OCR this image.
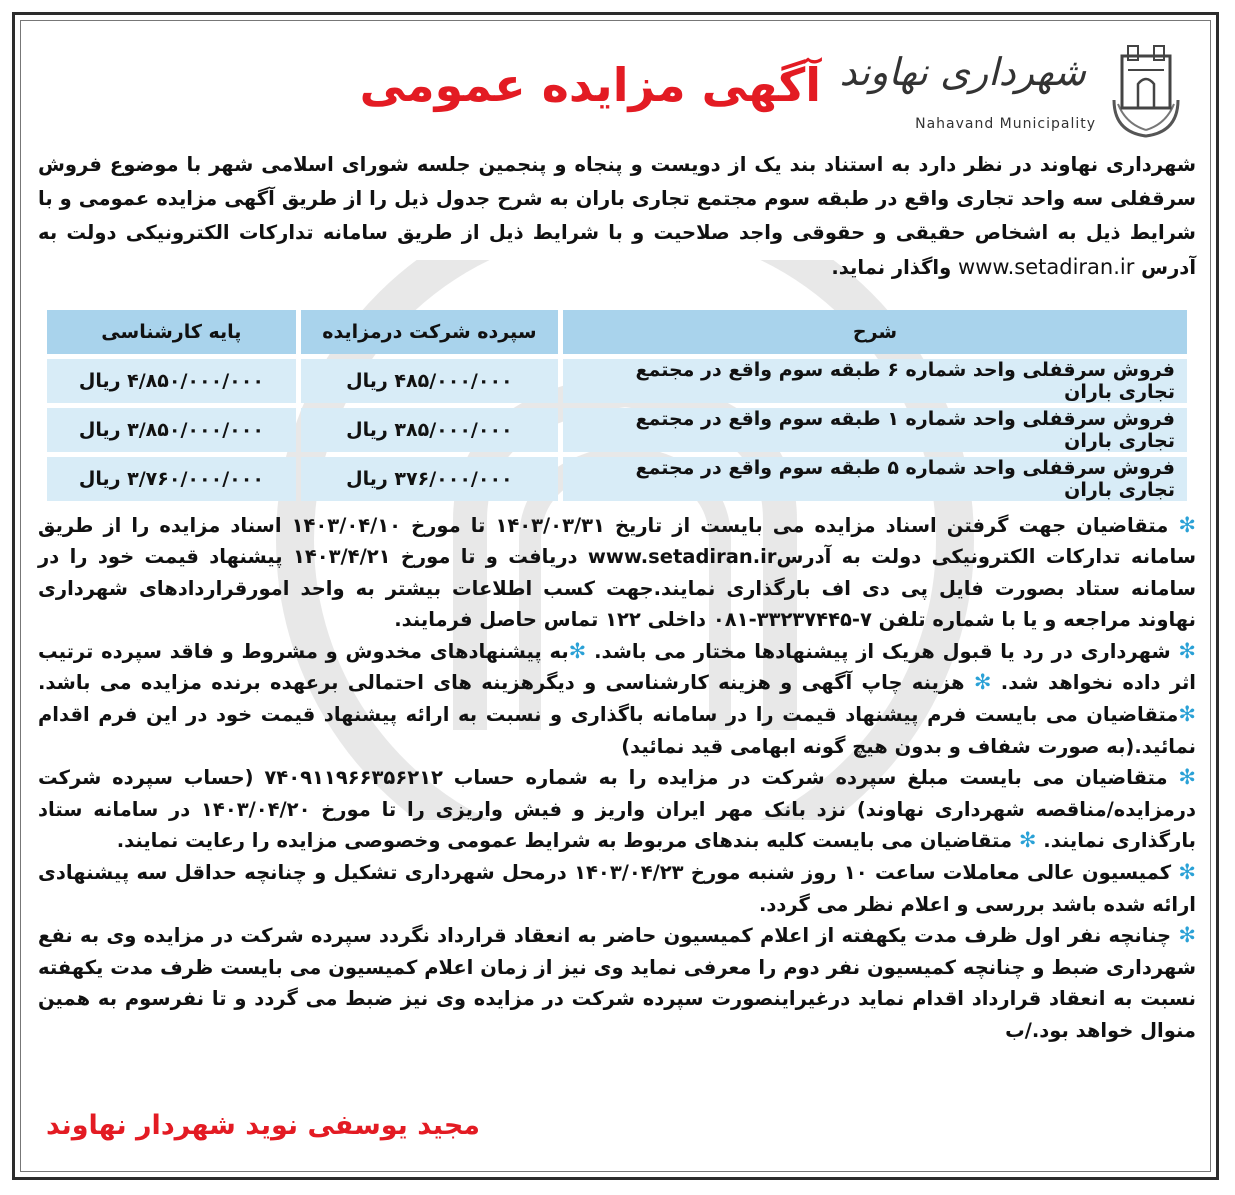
شهرداری نهاوند
Nahavand Municipality
آگهی مزایده عمومی

شهرداری نهاوند در نظر دارد به استناد بند یک از دویست و پنجاه و پنجمین جلسه شورای اسلامی شهر با موضوع فروش سرقفلی سه واحد تجاری واقع در طبقه سوم مجتمع تجاری باران به شرح جدول ذیل را از طریق آگهی مزایده عمومی و با شرایط ذیل به اشخاص حقیقی و حقوقی واجد صلاحیت و با شرایط ذیل از طریق سامانه تدارکات الکترونیکی دولت به آدرس www.setadiran.ir واگذار نماید.

شرح	سپرده شرکت درمزایده	پایه کارشناسی
فروش سرقفلی واحد شماره ۶ طبقه سوم واقع در مجتمع تجاری باران	۴۸۵/۰۰۰/۰۰۰ ریال	۴/۸۵۰/۰۰۰/۰۰۰ ریال
فروش سرقفلی واحد شماره ۱ طبقه سوم واقع در مجتمع تجاری باران	۳۸۵/۰۰۰/۰۰۰ ریال	۳/۸۵۰/۰۰۰/۰۰۰ ریال
فروش سرقفلی واحد شماره ۵ طبقه سوم واقع در مجتمع تجاری باران	۳۷۶/۰۰۰/۰۰۰ ریال	۳/۷۶۰/۰۰۰/۰۰۰ ریال

✻ متقاضیان جهت گرفتن اسناد مزایده می بایست از تاریخ ۱۴۰۳/۰۳/۳۱ تا مورخ ۱۴۰۳/۰۴/۱۰ اسناد مزایده را از طریق سامانه تدارکات الکترونیکی دولت به آدرسwww.setadiran.ir دریافت و تا مورخ ۱۴۰۳/۴/۲۱ پیشنهاد قیمت خود را در سامانه ستاد بصورت فایل پی دی اف بارگذاری نمایند.جهت کسب اطلاعات بیشتر به واحد امورقراردادهای شهرداری نهاوند مراجعه و یا با شماره تلفن ۷-۳۳۲۳۷۴۴۵-۰۸۱ داخلی ۱۲۲ تماس حاصل فرمایند.

✻ شهرداری در رد یا قبول هریک از پیشنهادها مختار می باشد. ✻به پیشنهادهای مخدوش و مشروط و فاقد سپرده ترتیب اثر داده نخواهد شد. ✻ هزینه چاپ آگهی و هزینه کارشناسی و دیگرهزینه های احتمالی برعهده برنده مزایده می باشد. ✻متقاضیان می بایست فرم پیشنهاد قیمت را در سامانه باگذاری و نسبت به ارائه پیشنهاد قیمت خود در این فرم اقدام نمائید.(به صورت شفاف و بدون هیچ گونه ابهامی قید نمائید)

✻ متقاضیان می بایست مبلغ سپرده شرکت در مزایده را به شماره حساب ۷۴۰۹۱۱۹۶۶۳۵۶۲۱۲ (حساب سپرده شرکت درمزایده/مناقصه شهرداری نهاوند) نزد بانک مهر ایران واریز و فیش واریزی را تا مورخ ۱۴۰۳/۰۴/۲۰ در سامانه ستاد بارگذاری نمایند. ✻ متقاضیان می بایست کلیه بندهای مربوط به شرایط عمومی وخصوصی مزایده را رعایت نمایند.

✻ کمیسیون عالی معاملات ساعت ۱۰ روز شنبه مورخ ۱۴۰۳/۰۴/۲۳ درمحل شهرداری تشکیل و چنانچه حداقل سه پیشنهادی ارائه شده باشد بررسی و اعلام نظر می گردد.

✻ چنانچه نفر اول ظرف مدت یکهفته از اعلام کمیسیون حاضر به انعقاد قرارداد نگردد سپرده شرکت در مزایده وی به نفع شهرداری ضبط و چنانچه کمیسیون نفر دوم را معرفی نماید وی نیز از زمان اعلام کمیسیون می بایست ظرف مدت یکهفته نسبت به انعقاد قرارداد اقدام نماید درغیراینصورت سپرده شرکت در مزایده وی نیز ضبط می گردد و تا نفرسوم به همین منوال خواهد بود./ب

مجید یوسفی نوید شهردار نهاوند
